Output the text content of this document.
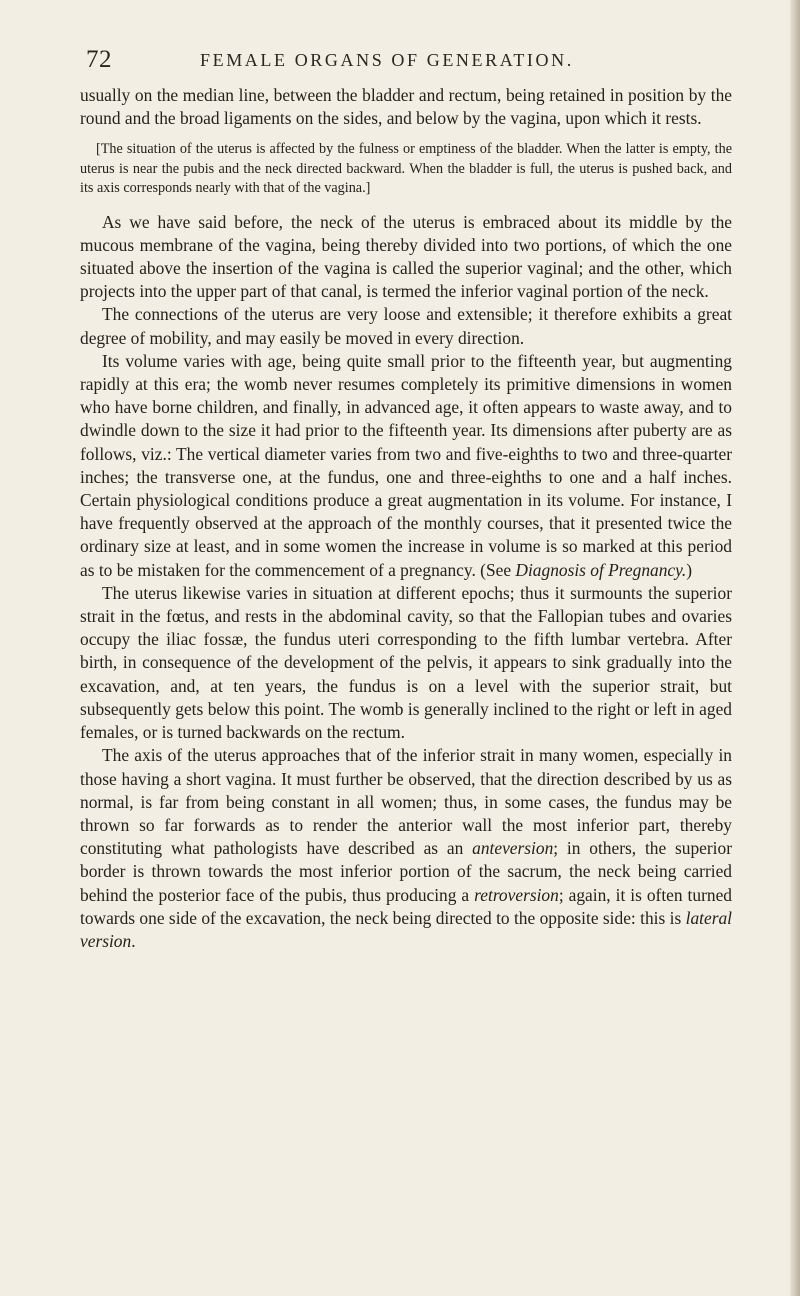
72	FEMALE ORGANS OF GENERATION.

usually on the median line, between the bladder and rectum, being retained in position by the round and the broad ligaments on the sides, and below by the vagina, upon which it rests.

[The situation of the uterus is affected by the fulness or emptiness of the bladder. When the latter is empty, the uterus is near the pubis and the neck directed backward. When the bladder is full, the uterus is pushed back, and its axis corresponds nearly with that of the vagina.]

As we have said before, the neck of the uterus is embraced about its middle by the mucous membrane of the vagina, being thereby divided into two portions, of which the one situated above the insertion of the vagina is called the superior vaginal; and the other, which projects into the upper part of that canal, is termed the inferior vaginal portion of the neck.

The connections of the uterus are very loose and extensible; it therefore exhibits a great degree of mobility, and may easily be moved in every direction.

Its volume varies with age, being quite small prior to the fifteenth year, but augmenting rapidly at this era; the womb never resumes completely its primitive dimensions in women who have borne children, and finally, in advanced age, it often appears to waste away, and to dwindle down to the size it had prior to the fifteenth year. Its dimensions after puberty are as follows, viz.: The vertical diameter varies from two and five-eighths to two and three-quarter inches; the transverse one, at the fundus, one and three-eighths to one and a half inches. Certain physiological conditions produce a great augmentation in its volume. For instance, I have frequently observed at the approach of the monthly courses, that it presented twice the ordinary size at least, and in some women the increase in volume is so marked at this period as to be mistaken for the commencement of a pregnancy. (See Diagnosis of Pregnancy.)

The uterus likewise varies in situation at different epochs; thus it surmounts the superior strait in the fœtus, and rests in the abdominal cavity, so that the Fallopian tubes and ovaries occupy the iliac fossæ, the fundus uteri corresponding to the fifth lumbar vertebra. After birth, in consequence of the development of the pelvis, it appears to sink gradually into the excavation, and, at ten years, the fundus is on a level with the superior strait, but subsequently gets below this point. The womb is generally inclined to the right or left in aged females, or is turned backwards on the rectum.

The axis of the uterus approaches that of the inferior strait in many women, especially in those having a short vagina. It must further be observed, that the direction described by us as normal, is far from being constant in all women; thus, in some cases, the fundus may be thrown so far forwards as to render the anterior wall the most inferior part, thereby constituting what pathologists have described as an anteversion; in others, the superior border is thrown towards the most inferior portion of the sacrum, the neck being carried behind the posterior face of the pubis, thus producing a retroversion; again, it is often turned towards one side of the excavation, the neck being directed to the opposite side: this is lateral version.
